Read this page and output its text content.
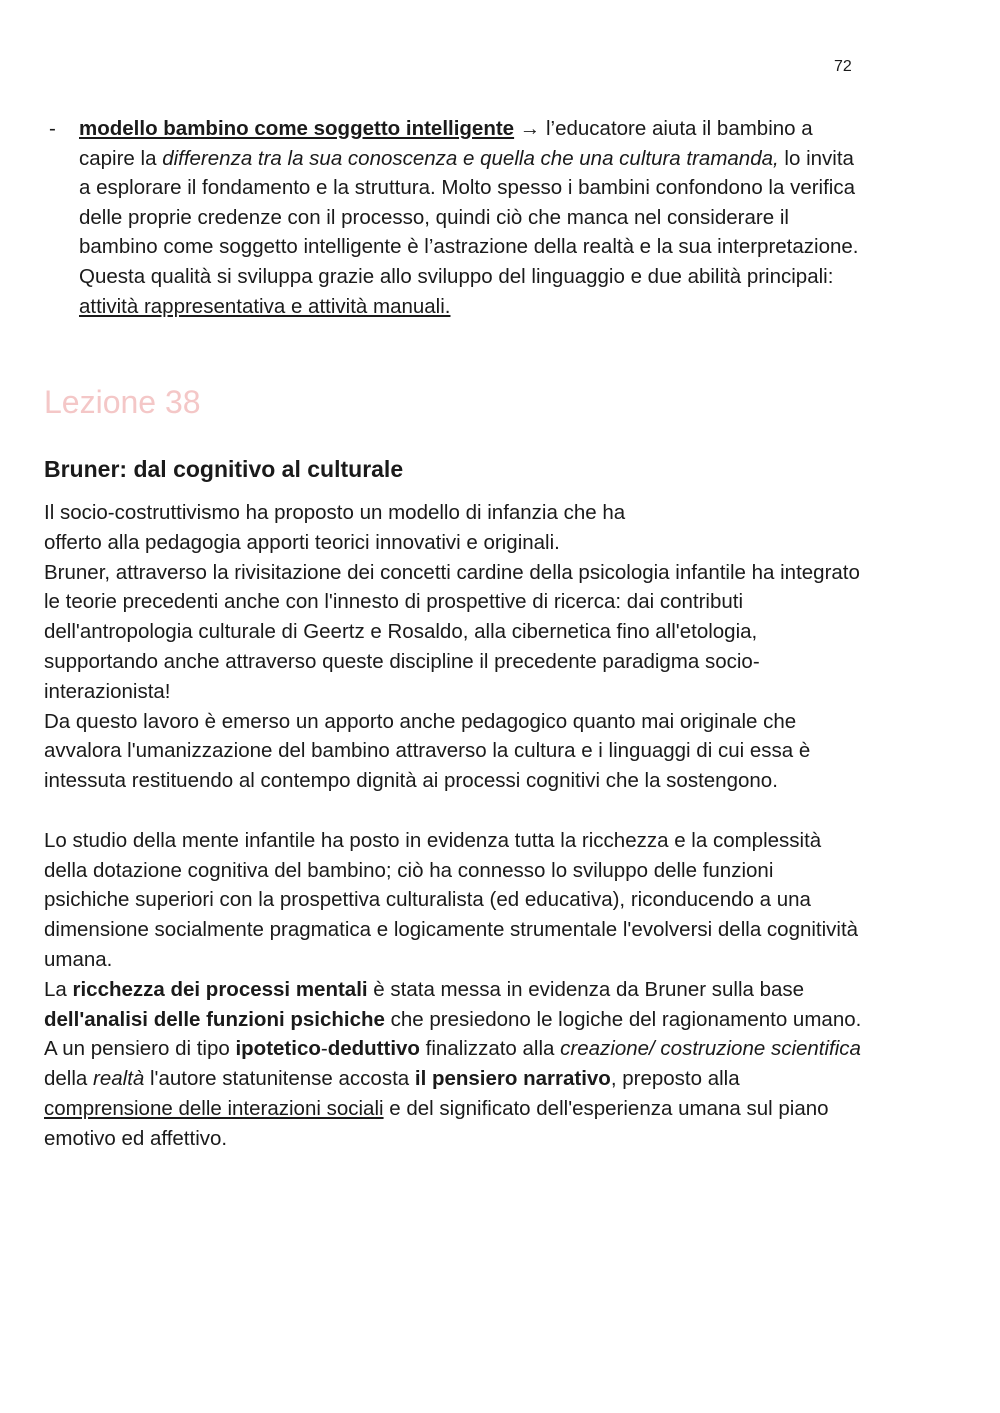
72
- modello bambino come soggetto intelligente → l’educatore aiuta il bambino a capire la differenza tra la sua conoscenza e quella che una cultura tramanda, lo invita a esplorare il fondamento e la struttura. Molto spesso i bambini confondono la verifica delle proprie credenze con il processo, quindi ciò che manca nel considerare il bambino come soggetto intelligente è l’astrazione della realtà e la sua interpretazione. Questa qualità si sviluppa grazie allo sviluppo del linguaggio e due abilità principali: attività rappresentativa e attività manuali.
Lezione 38
Bruner: dal cognitivo al culturale

Il socio-costruttivismo ha proposto un modello di infanzia che ha

offerto alla pedagogia apporti teorici innovativi e originali.

Bruner, attraverso la rivisitazione dei concetti cardine della psicologia infantile ha integrato le teorie precedenti anche con l'innesto di prospettive di ricerca: dai contributi dell'antropologia culturale di Geertz e Rosaldo, alla cibernetica fino all'etologia, supportando anche attraverso queste discipline il precedente paradigma socio-interazionista!

Da questo lavoro è emerso un apporto anche pedagogico quanto mai originale che avvalora l'umanizzazione del bambino attraverso la cultura e i linguaggi di cui essa è intessuta restituendo al contempo dignità ai processi cognitivi che la sostengono.

Lo studio della mente infantile ha posto in evidenza tutta la ricchezza e la complessità della dotazione cognitiva del bambino; ciò ha connesso lo sviluppo delle funzioni psichiche superiori con la prospettiva culturalista (ed educativa), riconducendo a una dimensione socialmente pragmatica e logicamente strumentale l'evolversi della cognitività umana.

La ricchezza dei processi mentali è stata messa in evidenza da Bruner sulla base dell'analisi delle funzioni psichiche che presiedono le logiche del ragionamento umano.

A un pensiero di tipo ipotetico-deduttivo finalizzato alla creazione/ costruzione scientifica della realtà l'autore statunitense accosta il pensiero narrativo, preposto alla comprensione delle interazioni sociali e del significato dell'esperienza umana sul piano emotivo ed affettivo.
